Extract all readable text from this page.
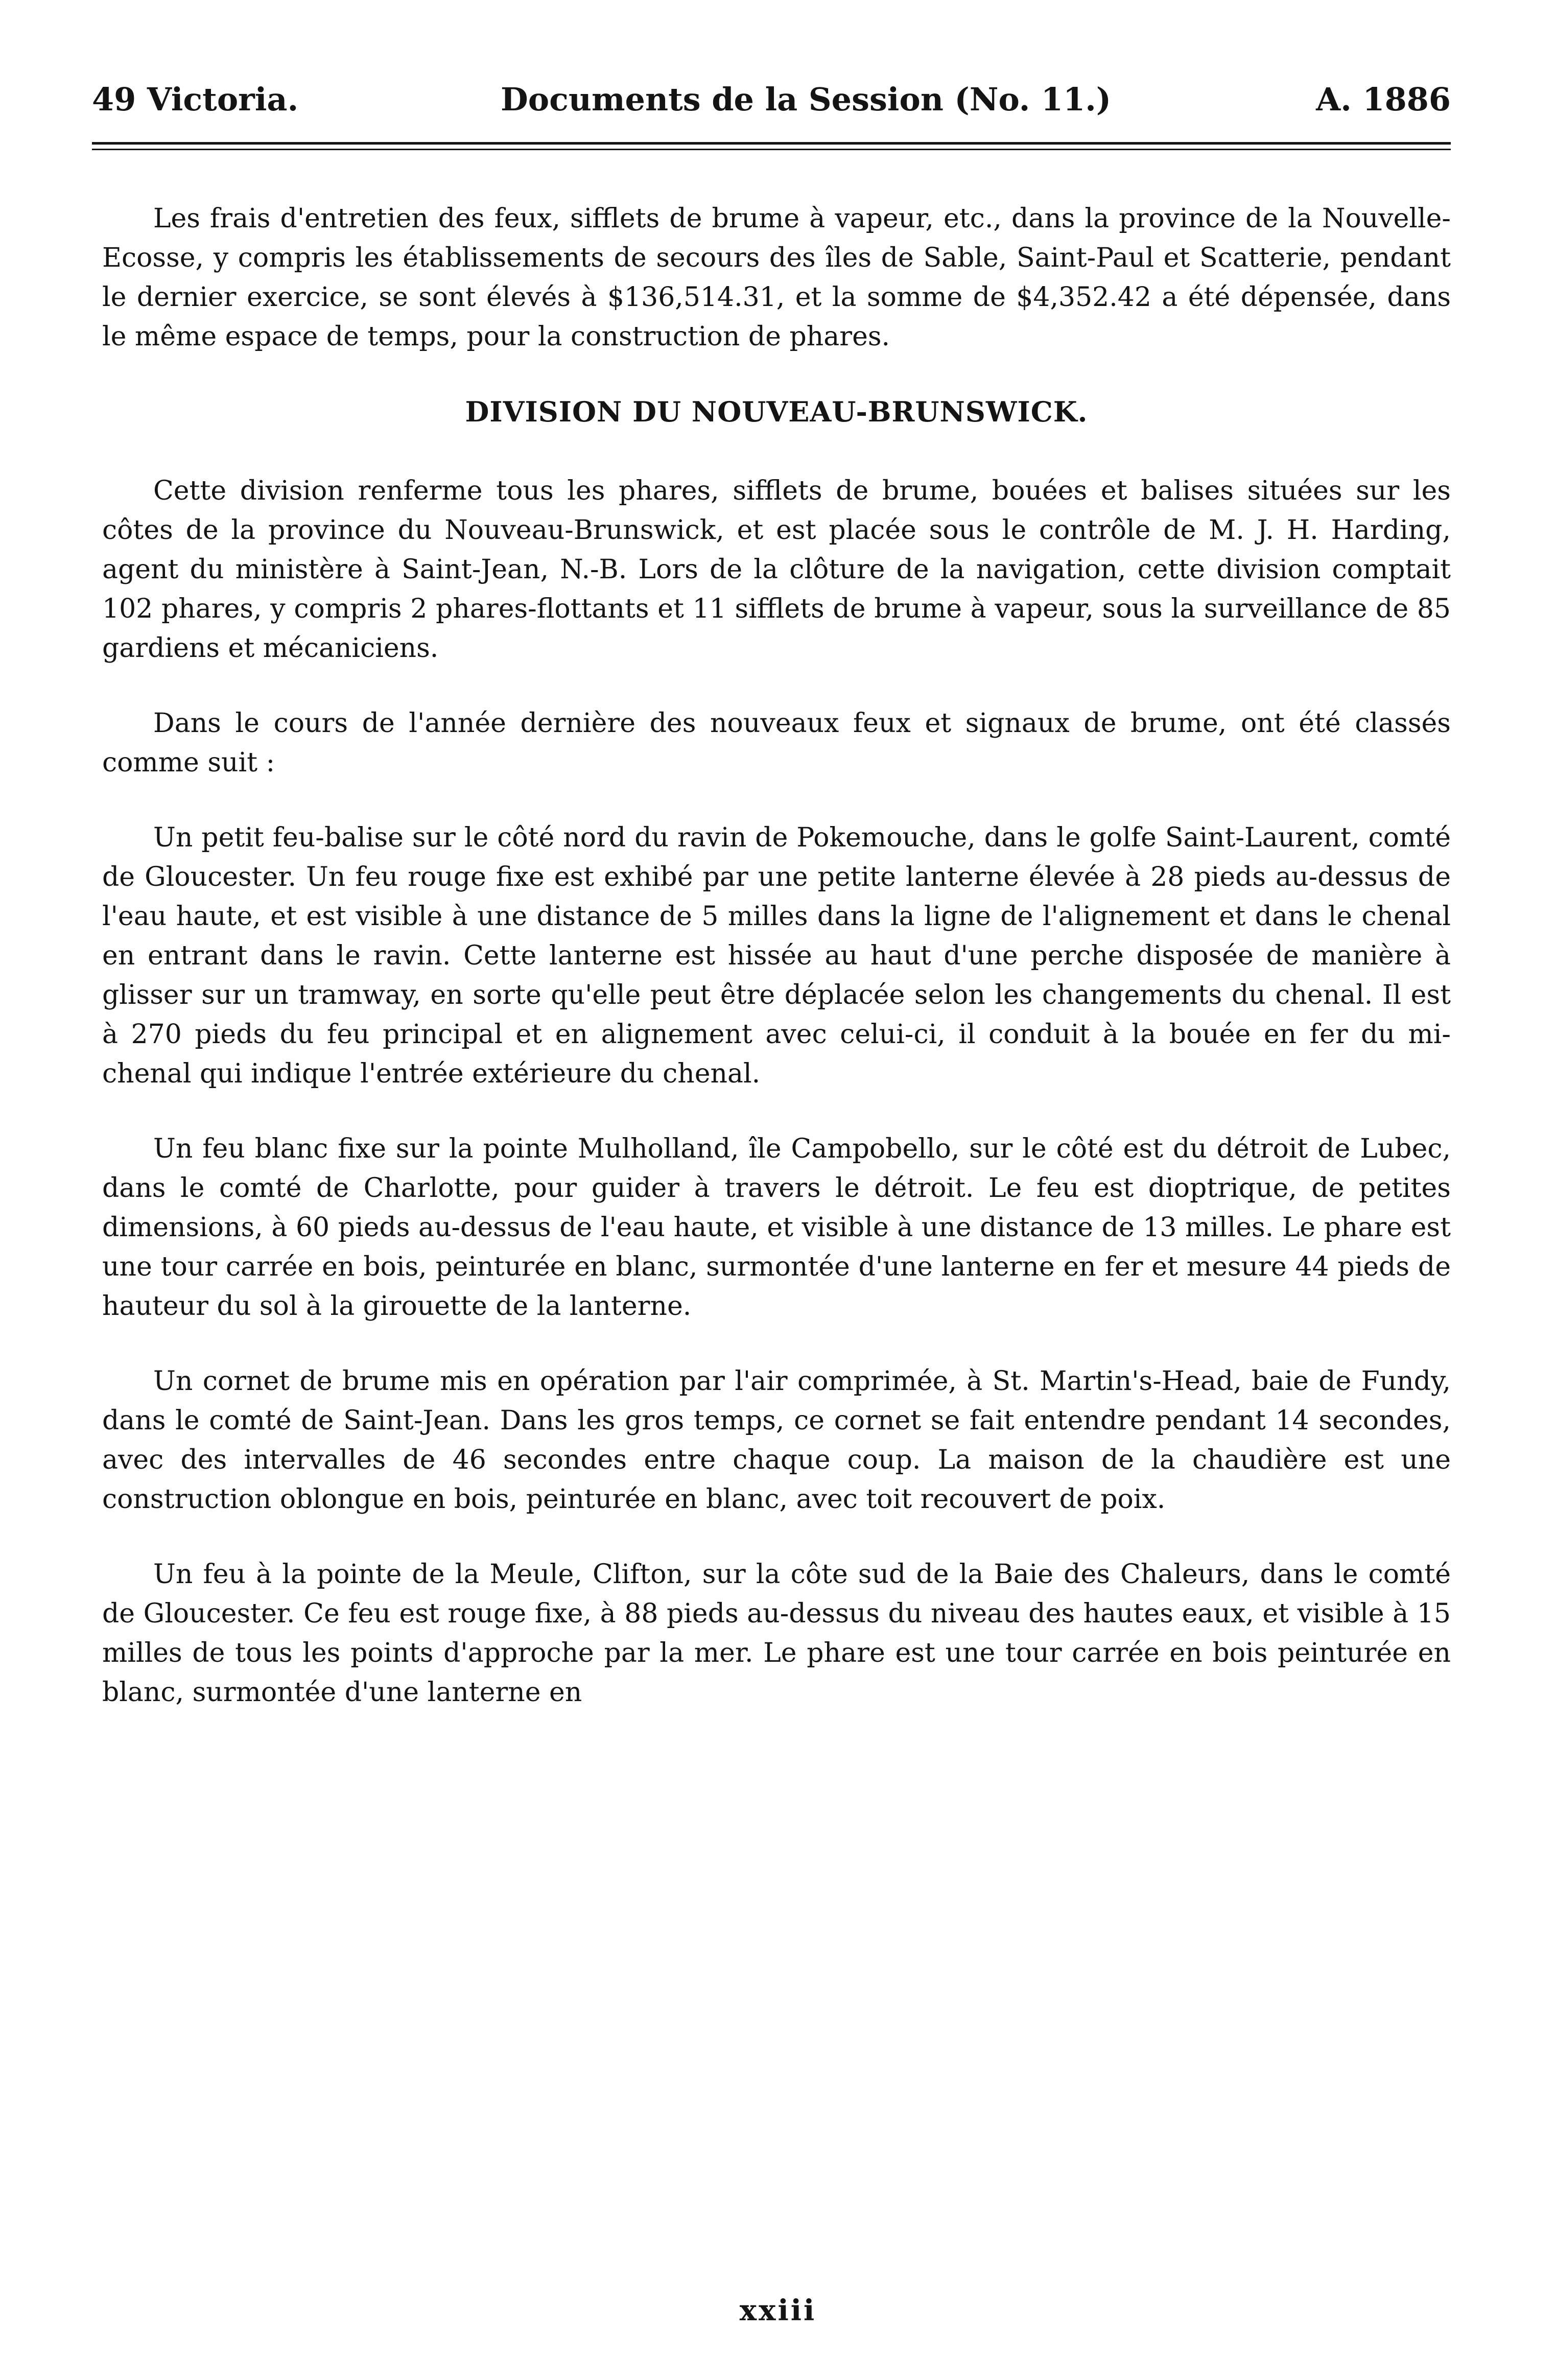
49 Victoria.	Documents de la Session (No. 11.)	A. 1886

Les frais d'entretien des feux, sifflets de brume à vapeur, etc., dans la province de la Nouvelle-Ecosse, y compris les établissements de secours des îles de Sable, Saint-Paul et Scatterie, pendant le dernier exercice, se sont élevés à $136,514.31, et la somme de $4,352.42 a été dépensée, dans le même espace de temps, pour la construction de phares.

DIVISION DU NOUVEAU-BRUNSWICK.

Cette division renferme tous les phares, sifflets de brume, bouées et balises situées sur les côtes de la province du Nouveau-Brunswick, et est placée sous le contrôle de M. J. H. Harding, agent du ministère à Saint-Jean, N.-B. Lors de la clôture de la navigation, cette division comptait 102 phares, y compris 2 phares-flottants et 11 sifflets de brume à vapeur, sous la surveillance de 85 gardiens et mécaniciens.

Dans le cours de l'année dernière des nouveaux feux et signaux de brume, ont été classés comme suit :

Un petit feu-balise sur le côté nord du ravin de Pokemouche, dans le golfe Saint-Laurent, comté de Gloucester. Un feu rouge fixe est exhibé par une petite lanterne élevée à 28 pieds au-dessus de l'eau haute, et est visible à une distance de 5 milles dans la ligne de l'alignement et dans le chenal en entrant dans le ravin. Cette lanterne est hissée au haut d'une perche disposée de manière à glisser sur un tramway, en sorte qu'elle peut être déplacée selon les changements du chenal. Il est à 270 pieds du feu principal et en alignement avec celui-ci, il conduit à la bouée en fer du mi-chenal qui indique l'entrée extérieure du chenal.

Un feu blanc fixe sur la pointe Mulholland, île Campobello, sur le côté est du détroit de Lubec, dans le comté de Charlotte, pour guider à travers le détroit. Le feu est dioptrique, de petites dimensions, à 60 pieds au-dessus de l'eau haute, et visible à une distance de 13 milles. Le phare est une tour carrée en bois, peinturée en blanc, surmontée d'une lanterne en fer et mesure 44 pieds de hauteur du sol à la girouette de la lanterne.

Un cornet de brume mis en opération par l'air comprimée, à St. Martin's-Head, baie de Fundy, dans le comté de Saint-Jean. Dans les gros temps, ce cornet se fait entendre pendant 14 secondes, avec des intervalles de 46 secondes entre chaque coup. La maison de la chaudière est une construction oblongue en bois, peinturée en blanc, avec toit recouvert de poix.

Un feu à la pointe de la Meule, Clifton, sur la côte sud de la Baie des Chaleurs, dans le comté de Gloucester. Ce feu est rouge fixe, à 88 pieds au-dessus du niveau des hautes eaux, et visible à 15 milles de tous les points d'approche par la mer. Le phare est une tour carrée en bois peinturée en blanc, surmontée d'une lanterne en

xxiii
